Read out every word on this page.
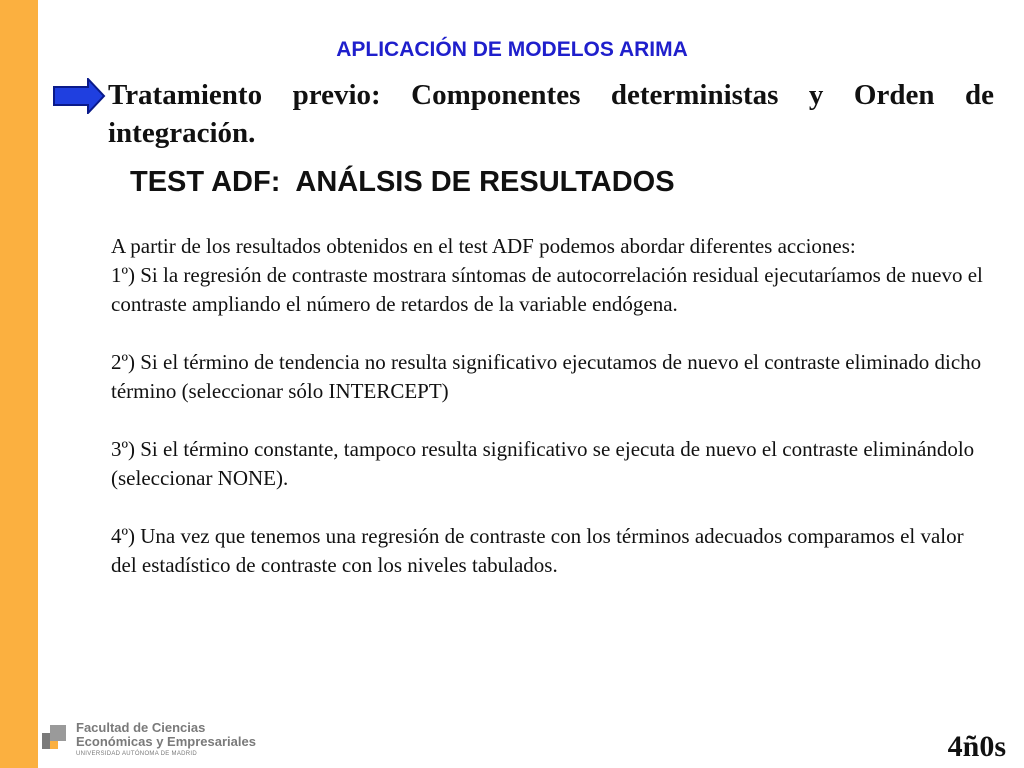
APLICACIÓN DE MODELOS ARIMA
Tratamiento previo: Componentes deterministas y Orden de integración.
TEST ADF:  ANÁLSIS DE RESULTADOS

A partir de los resultados obtenidos en el test ADF podemos abordar diferentes acciones:

1º) Si la regresión de contraste mostrara síntomas de autocorrelación residual ejecutaríamos de nuevo el contraste ampliando el número de retardos de la variable endógena.

2º) Si el término de tendencia no resulta significativo ejecutamos de nuevo el contraste eliminado dicho término (seleccionar sólo INTERCEPT)

3º) Si el término constante, tampoco resulta significativo se ejecuta de nuevo el contraste eliminándolo (seleccionar NONE).

4º) Una vez que tenemos una regresión de contraste con los términos adecuados comparamos el valor del estadístico de contraste con los niveles tabulados.

Facultad de Ciencias
Económicas y Empresariales
UNIVERSIDAD AUTÓNOMA DE MADRID	4ñ0s
